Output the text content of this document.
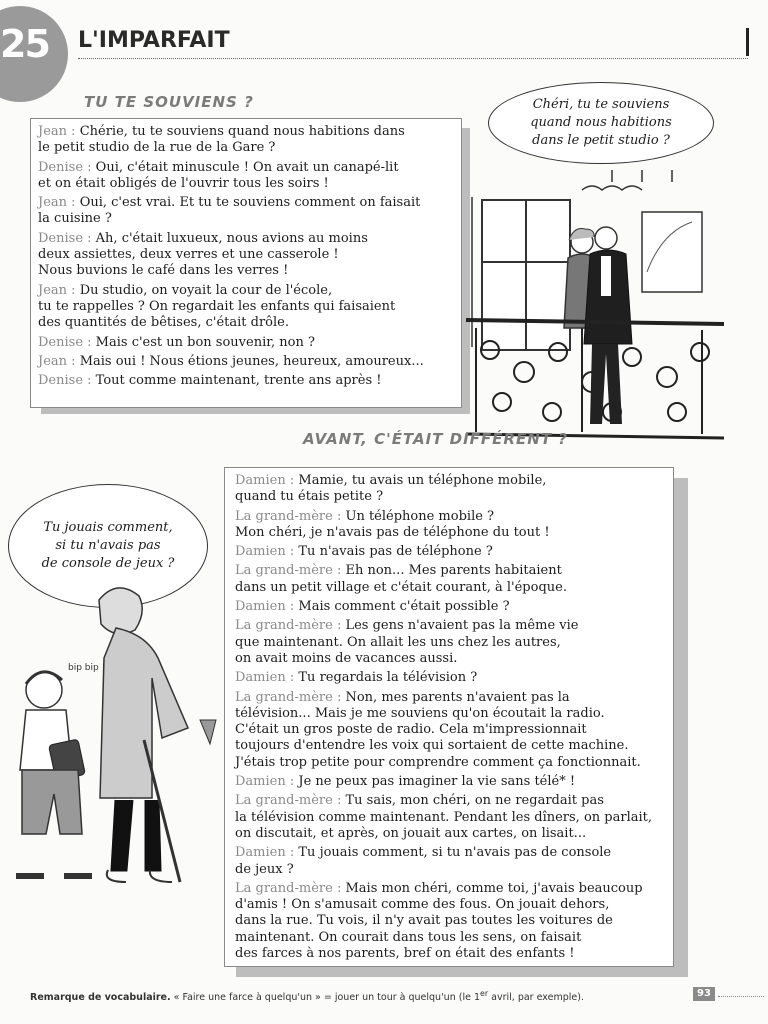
25 L'IMPARFAIT
TU TE SOUVIENS ?

Jean : Chérie, tu te souviens quand nous habitions dans

le petit studio de la rue de la Gare ?

Denise : Oui, c'était minuscule ! On avait un canapé-lit

et on était obligés de l'ouvrir tous les soirs !

Jean : Oui, c'est vrai. Et tu te souviens comment on faisait

la cuisine ?

Denise : Ah, c'était luxueux, nous avions au moins

deux assiettes, deux verres et une casserole !

Nous buvions le café dans les verres !

Jean : Du studio, on voyait la cour de l'école,

tu te rappelles ? On regardait les enfants qui faisaient

des quantités de bêtises, c'était drôle.

Denise : Mais c'est un bon souvenir, non ?

Jean : Mais oui ! Nous étions jeunes, heureux, amoureux...

Denise : Tout comme maintenant, trente ans après !

Chéri, tu te souviens
quand nous habitions
dans le petit studio ?
AVANT, C'ÉTAIT DIFFÉRENT ?

Damien : Mamie, tu avais un téléphone mobile,

quand tu étais petite ?

La grand-mère : Un téléphone mobile ?

Mon chéri, je n'avais pas de téléphone du tout !

Damien : Tu n'avais pas de téléphone ?

La grand-mère : Eh non... Mes parents habitaient

dans un petit village et c'était courant, à l'époque.

Damien : Mais comment c'était possible ?

La grand-mère : Les gens n'avaient pas la même vie

que maintenant. On allait les uns chez les autres,

on avait moins de vacances aussi.

Damien : Tu regardais la télévision ?

La grand-mère : Non, mes parents n'avaient pas la

télévision... Mais je me souviens qu'on écoutait la radio.

C'était un gros poste de radio. Cela m'impressionnait

toujours d'entendre les voix qui sortaient de cette machine.

J'étais trop petite pour comprendre comment ça fonctionnait.

Damien : Je ne peux pas imaginer la vie sans télé* !

La grand-mère : Tu sais, mon chéri, on ne regardait pas

la télévision comme maintenant. Pendant les dîners, on parlait,

on discutait, et après, on jouait aux cartes, on lisait...

Damien : Tu jouais comment, si tu n'avais pas de console

de jeux ?

La grand-mère : Mais mon chéri, comme toi, j'avais beaucoup

d'amis ! On s'amusait comme des fous. On jouait dehors,

dans la rue. Tu vois, il n'y avait pas toutes les voitures de

maintenant. On courait dans tous les sens, on faisait

des farces à nos parents, bref on était des enfants !

Tu jouais comment,
si tu n'avais pas
de console de jeux ?
bip bip !
Remarque de vocabulaire. « Faire une farce à quelqu'un » = jouer un tour à quelqu'un (le 1er avril, par exemple).	93
